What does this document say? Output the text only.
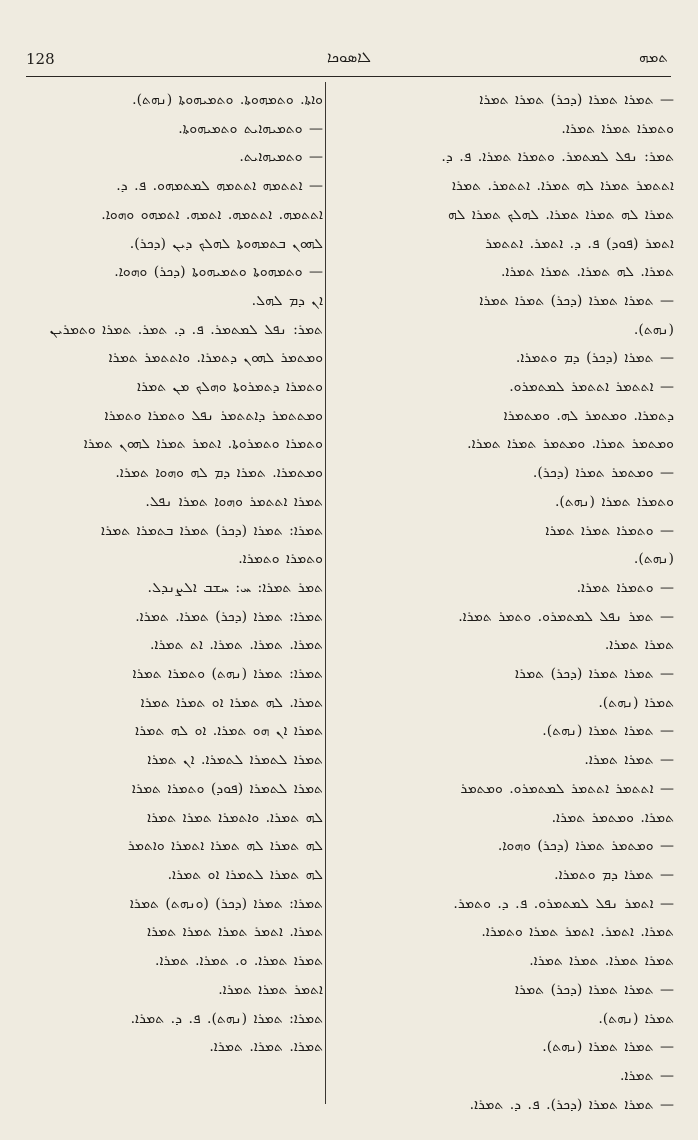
128	ܠܐܣܘܟܐ	ܬܡܗ
ܘܐܬܐ. ܘܬܡܗܘܬܐ. ܘܬܡܝܗܘܬܐ (ܢܗܬ).
— ܘܬܡܝܗܐܝܬ ܘܬܡܝܗܘܬܐ.
— ܘܬܡܝܗܐܝܬ.
— ܐܬܬܡܗ ܐܬܬܡܗ ܠܡܬܡܗܘ. ܦ. ܕ.
ܐܬܬܡܗ. ܐܬܬܡܗ. ܐܬܡܗ. ܐܬܡܗܘ ܘܗܘܐ.
ܠܗܘܢ ܒܬܡܗܘܬܐ ܠܗܠܟ ܕܝܢ (ܕܟܪ).
— ܘܬܡܗܘܬܐ ܘܬܡܝܗܘܬܐ (ܕܟܪ) ܘܗܘܐ.
ܐܢ ܕܡ ܠܗܠ.
ܬܡܪ: ܢܦܠ ܠܡܬܡܪ. ܦ. ܕ. ܬܡܪ. ܬܡܪܐ ܘܬܡܪܝܢ
ܘܡܬܡܪ ܠܗܘܢ ܕܬܡܪܐ. ܘܐܬܬܡܪ ܬܡܪܐ
ܘܬܡܪܐ ܕܬܡܪܘܬܐ ܘܗܠܟ ܡܢ ܬܡܪܐ
ܘܡܬܬܡܪ ܕܐܬܬܡܪ ܢܦܠ ܘܬܡܪܐ ܘܬܡܪܐ
ܘܬܡܪܐ ܘܬܡܪܘܬܐ. ܐܬܡܪ ܬܡܪܐ ܠܗܘܢ ܬܡܪܐ
ܘܡܬܡܪܐ. ܬܡܪܐ ܕܡ ܠܗ ܘܗܘܐ ܬܡܪܐ.
ܬܡܪܐ ܐܬܬܡܪ ܘܗܘܐ ܬܡܪܐ ܢܦܠ.
ܬܡܪܐ: ܬܡܪܐ (ܕܟܪ) ܬܡܪܐ ܒܬܡܪܐ ܬܡܪܐ
ܘܬܡܪܐ ܘܬܡܪܐ.
ܬܡܪ ܬܡܪܐ: ܚ: ܚܫܒ ܐܠܨܢܕܠ.
ܬܡܪܐ: ܬܡܪܐ (ܕܟܪ) ܬܡܪܐ. ܬܡܪܐ.
ܬܡܪܐ. ܬܡܪܐ. ܬܡܪܐ. ܐܬ ܬܡܪܐ.
ܬܡܪܐ: ܬܡܪܐ (ܢܗܬ) ܘܬܡܪܐ ܬܡܪܐ
ܬܡܪܐ. ܠܗ ܬܡܪܐ ܐܘ ܬܡܪܐ ܬܡܪܐ
ܬܡܪܐ ܐܢ ܗܘ ܬܡܪܐ. ܐܘ ܠܗ ܬܡܪܐ
ܬܡܪܐ ܠܬܡܪܐ ܠܬܡܪܐ. ܐܢ ܬܡܪܐ
ܬܡܪܐ ܠܬܡܪܐ (ܦܘܕ) ܘܬܡܪܐ ܬܡܪܐ
ܠܗ ܬܡܪܐ. ܘܐܬܡܪܐ ܬܡܪܐ ܬܡܪܐ
ܠܗ ܬܡܪܐ ܠܗ ܬܡܪܐ ܐܬܡܪܐ ܘܐܬܡܪ
ܠܗ ܬܡܪܐ ܠܬܡܪܐ ܐܘ ܬܡܪܐ.
ܬܡܪܐ: ܬܡܪܐ (ܕܟܪ) (ܘܢܗܬ) ܬܡܪܐ
ܬܡܪܐ. ܐܬܡܪ ܬܡܪܐ ܬܡܪܐ ܬܡܪܐ
ܬܡܪܐ ܬܡܪܐ. ܘ. ܬܡܪܐ. ܬܡܪܐ.
ܐܬܡܪ ܬܡܪܐ ܬܡܪܐ.
ܬܡܪܐ: ܬܡܪܐ (ܢܗܬ). ܦ. ܕ. ܬܡܪܐ.
ܬܡܪܐ. ܬܡܪܐ. ܬܡܪܐ.
— ܬܡܪܐ ܬܡܪܐ (ܕܟܪ) ܬܡܪܐ ܬܡܪܐ
ܘܬܡܪܐ ܬܡܪܐ ܬܡܪܐ.
ܬܡܪ: ܢܦܠ ܠܡܬܡܪ. ܘܬܡܪܐ ܬܡܪܐ. ܦ. ܕ.
ܐܬܬܡܪ ܬܡܪܐ ܠܗ ܬܡܪܐ. ܐܬܬܡܪ. ܬܡܪܐ
ܬܡܪܐ ܠܗ ܬܡܪܐ ܬܡܪܐ. ܠܗܠܟ ܬܡܪܐ ܠܗ
ܐܬܡܪ (ܦܘܕ) ܦ. ܕ. ܐܬܡܪ. ܐܬܬܡܪ
ܬܡܪܐ. ܠܗ ܬܡܪܐ. ܬܡܪܐ ܬܡܪܐ.
— ܬܡܪܐ ܬܡܪܐ (ܕܟܪ) ܬܡܪܐ ܬܡܪܐ
(ܢܗܬ).
— ܬܡܪܐ (ܕܟܪ) ܕܡ ܘܬܡܪܐ.
— ܐܬܬܡܪ ܐܬܬܡܪ ܠܡܬܡܪܘ.
ܕܬܡܪܐ. ܘܡܬܡܪ ܠܗ. ܘܡܬܡܪܐ
ܘܡܬܡܪ ܬܡܪܐ. ܘܡܬܡܪ ܬܡܪܐ ܬܡܪܐ.
— ܘܡܬܡܪ ܬܡܪܐ (ܕܟܪ).
ܘܬܡܪܐ ܬܡܪܐ (ܢܗܬ).
— ܘܬܡܪܐ ܬܡܪܐ ܬܡܪܐ
(ܢܗܬ).
— ܘܬܡܪܐ ܬܡܪܐ.
— ܬܡܪ ܢܦܠ ܠܡܬܡܪܘ. ܘܬܡܪ ܬܡܪܐ.
ܬܡܪܐ ܬܡܪܐ.
— ܬܡܪܐ ܬܡܪܐ (ܕܟܪ) ܬܡܪܐ
ܬܡܪܐ (ܢܗܬ).
— ܬܡܪܐ ܬܡܪܐ (ܢܗܬ).
— ܬܡܪܐ ܬܡܪܐ.
— ܐܬܬܡܪ ܐܬܬܡܪ ܠܡܬܡܪܘ. ܘܡܬܡܪ
ܬܡܪܐ. ܘܡܬܡܪ ܬܡܪܐ.
— ܘܡܬܡܪ ܬܡܪܐ (ܕܟܪ) ܘܗܘܐ.
— ܬܡܪܐ ܕܡ ܘܬܡܪܐ.
— ܐܬܡܪ ܢܦܠ ܠܡܬܡܪܘ. ܦ. ܕ. ܘܬܡܪ.
ܬܡܪܐ. ܐܬܡܪ. ܐܬܡܪ ܬܡܪܐ ܘܬܡܪܐ.
ܬܡܪܐ ܬܡܪܐ. ܬܡܪܐ ܬܡܪܐ.
— ܬܡܪܐ ܬܡܪܐ (ܕܟܪ) ܬܡܪܐ
ܬܡܪܐ (ܢܗܬ).
— ܬܡܪܐ ܬܡܪܐ (ܢܗܬ).
— ܬܡܪܐ.
— ܬܡܪܐ ܬܡܪܐ (ܕܟܪ). ܦ. ܕ. ܬܡܪܐ.
